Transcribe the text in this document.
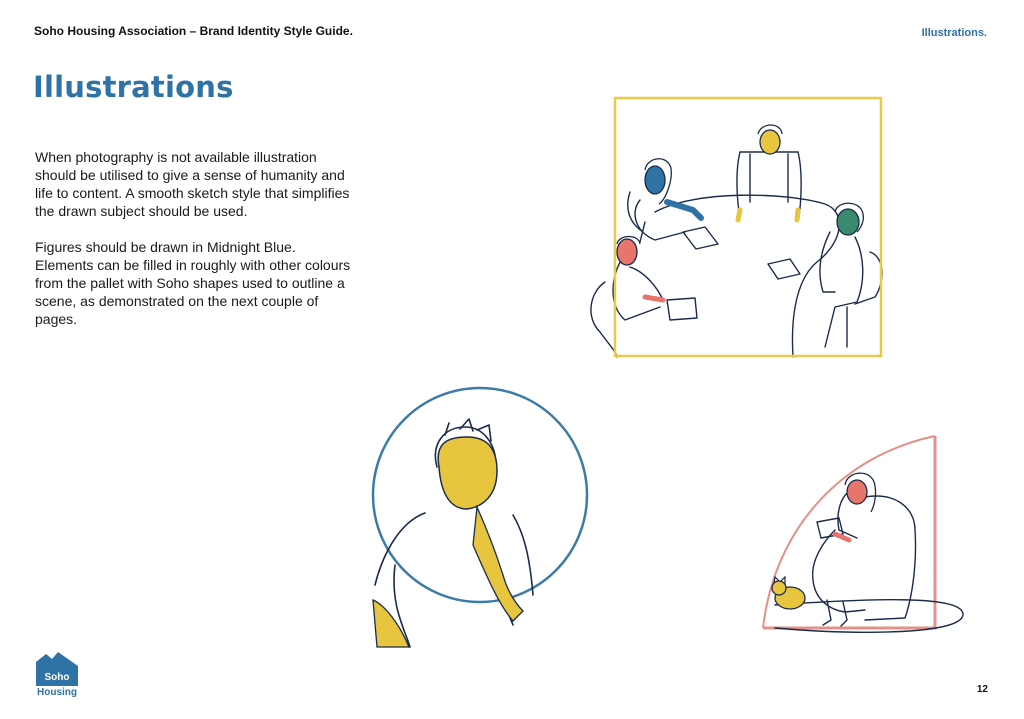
Soho Housing Association – Brand Identity Style Guide.	Illustrations.
Illustrations

When photography is not available illustration should be utilised to give a sense of humanity and life to content. A smooth sketch style that simplifies the drawn subject should be used.

Figures should be drawn in Midnight Blue. Elements can be filled in roughly with other colours from the pallet with Soho shapes used to outline a scene, as demonstrated on the next couple of pages.

Soho
Housing	12
